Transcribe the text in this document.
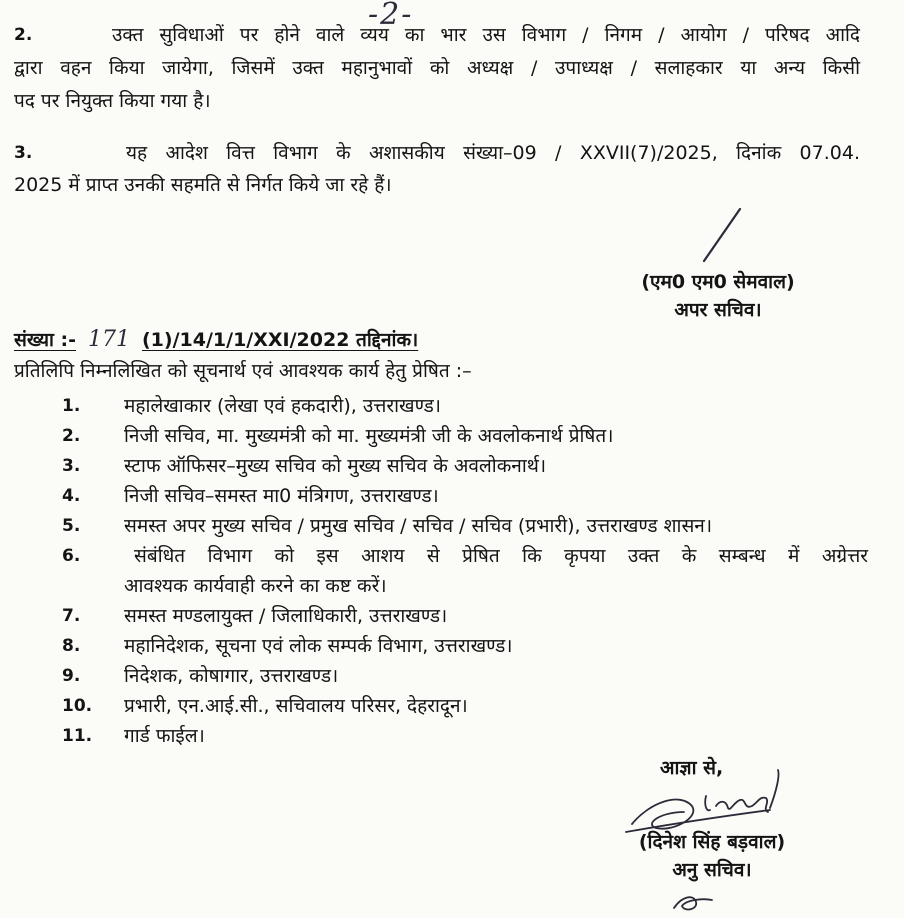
-2-
2.	उक्त सुविधाओं पर होने वाले व्यय का भार उस विभाग / निगम / आयोग / परिषद आदि
द्वारा वहन किया जायेगा, जिसमें उक्त महानुभावों को अध्यक्ष / उपाध्यक्ष / सलाहकार या अन्य किसी
पद पर नियुक्त किया गया है।
3.	यह आदेश वित्त विभाग के अशासकीय संख्या–09 / XXVII(7)/2025, दिनांक 07.04.
2025 में प्राप्त उनकी सहमति से निर्गत किये जा रहे हैं।
(एम0 एम0 सेमवाल)
अपर सचिव।
संख्या :- 171 (1)/14/1/1/XXI/2022 तद्दिनांक।
प्रतिलिपि निम्नलिखित को सूचनार्थ एवं आवश्यक कार्य हेतु प्रेषित :–
1.	महालेखाकार (लेखा एवं हकदारी), उत्तराखण्ड।
2.	निजी सचिव, मा. मुख्यमंत्री को मा. मुख्यमंत्री जी के अवलोकनार्थ प्रेषित।
3.	स्टाफ ऑफिसर–मुख्य सचिव को मुख्य सचिव के अवलोकनार्थ।
4.	निजी सचिव–समस्त मा0 मंत्रिगण, उत्तराखण्ड।
5.	समस्त अपर मुख्य सचिव / प्रमुख सचिव / सचिव / सचिव (प्रभारी), उत्तराखण्ड शासन।
6.	संबंधित विभाग को इस आशय से प्रेषित कि कृपया उक्त के सम्बन्ध में अग्रेत्तर
आवश्यक कार्यवाही करने का कष्ट करें।
7.	समस्त मण्डलायुक्त / जिलाधिकारी, उत्तराखण्ड।
8.	महानिदेशक, सूचना एवं लोक सम्पर्क विभाग, उत्तराखण्ड।
9.	निदेशक, कोषागार, उत्तराखण्ड।
10.	प्रभारी, एन.आई.सी., सचिवालय परिसर, देहरादून।
11.	गार्ड फाईल।
आज्ञा से,
(दिनेश सिंह बड़वाल)
अनु सचिव।
